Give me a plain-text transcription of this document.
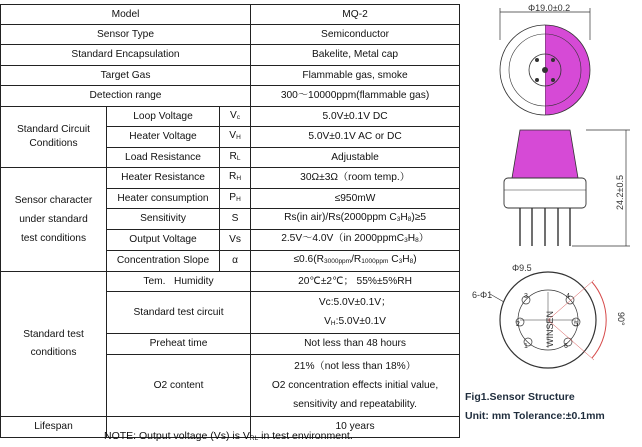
Model			MQ-2
Sensor Type			Semiconductor
Standard Encapsulation			Bakelite, Metal cap
Target Gas			Flammable gas, smoke
Detection range			300～10000ppm(flammable gas)

Standard Circuit
Conditions	Loop Voltage	Vc	5.0V±0.1V DC
	Heater Voltage	VH	5.0V±0.1V AC or DC
	Load Resistance	RL	Adjustable

Sensor character
under standard
test conditions	Heater Resistance	RH	30Ω±3Ω（room temp.）
	Heater consumption	PH	≤950mW
	Sensitivity	S	Rs(in air)/Rs(2000ppm C3H8)≥5
	Output Voltage	Vs	2.5V～4.0V（in 2000ppmC3H8）
	Concentration Slope	α	≤0.6(R3000ppm/R1000ppm C3H8)

Standard test
conditions	Tem.   Humidity		20℃±2℃； 55%±5%RH
	Standard test circuit		Vc:5.0V±0.1V；
VH:5.0V±0.1V

	Preheat time		Not less than 48 hours
	O2 content		21%（not less than 18%）
O2 concentration effects initial value,
sensitivity and repeatability.

Lifespan			10 years
NOTE: Output voltage (Vs) is VRL in test environment.
Φ19.0±0.2
24.2±0.5
Φ9.5
6-Φ1
WINSEN
1
2
3	4
5
6
90°
Fig1.Sensor Structure
Unit: mm Tolerance:±0.1mm
